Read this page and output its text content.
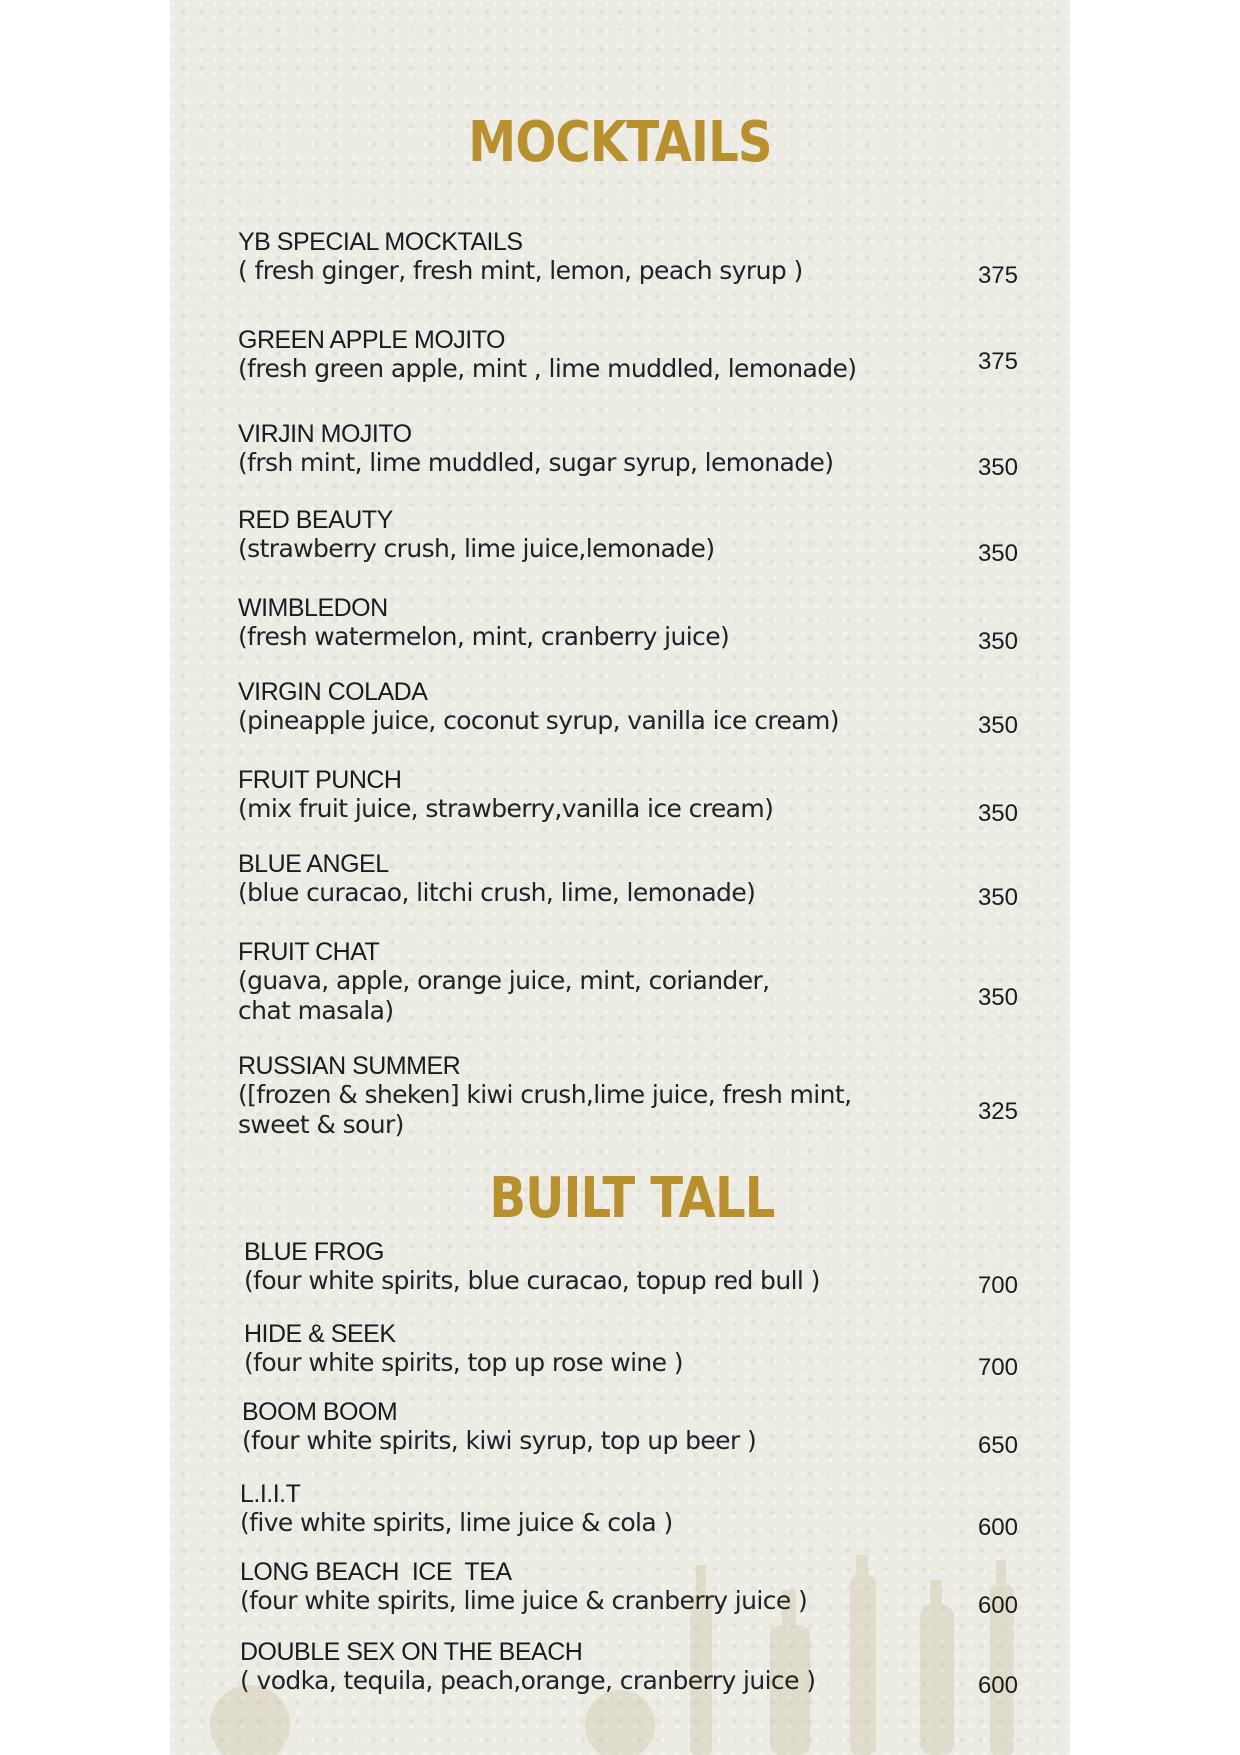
MOCKTAILS
YB SPECIAL MOCKTAILS
( fresh ginger, fresh mint, lemon, peach syrup )	375
GREEN APPLE MOJITO
(fresh green apple, mint , lime muddled, lemonade)	375
VIRJIN MOJITO
(frsh mint, lime muddled, sugar syrup, lemonade)	350
RED BEAUTY
(strawberry crush, lime juice,lemonade)	350
WIMBLEDON
(fresh watermelon, mint, cranberry juice)	350
VIRGIN COLADA
(pineapple juice, coconut syrup, vanilla ice cream)	350
FRUIT PUNCH
(mix fruit juice, strawberry,vanilla ice cream)	350
BLUE ANGEL
(blue curacao, litchi crush, lime, lemonade)	350
FRUIT CHAT
(guava, apple, orange juice, mint, coriander, chat masala)	350
RUSSIAN SUMMER
([frozen & sheken] kiwi crush,lime juice, fresh mint, sweet & sour)	325
BUILT TALL
BLUE FROG
(four white spirits, blue curacao, topup red bull )	700
HIDE & SEEK
(four white spirits, top up rose wine )	700
BOOM BOOM
(four white spirits, kiwi syrup, top up beer )	650
L.I.I.T
(five white spirits, lime juice & cola )	600
LONG BEACH  ICE  TEA
(four white spirits, lime juice & cranberry juice )	600
DOUBLE SEX ON THE BEACH
( vodka, tequila, peach,orange, cranberry juice )	600
